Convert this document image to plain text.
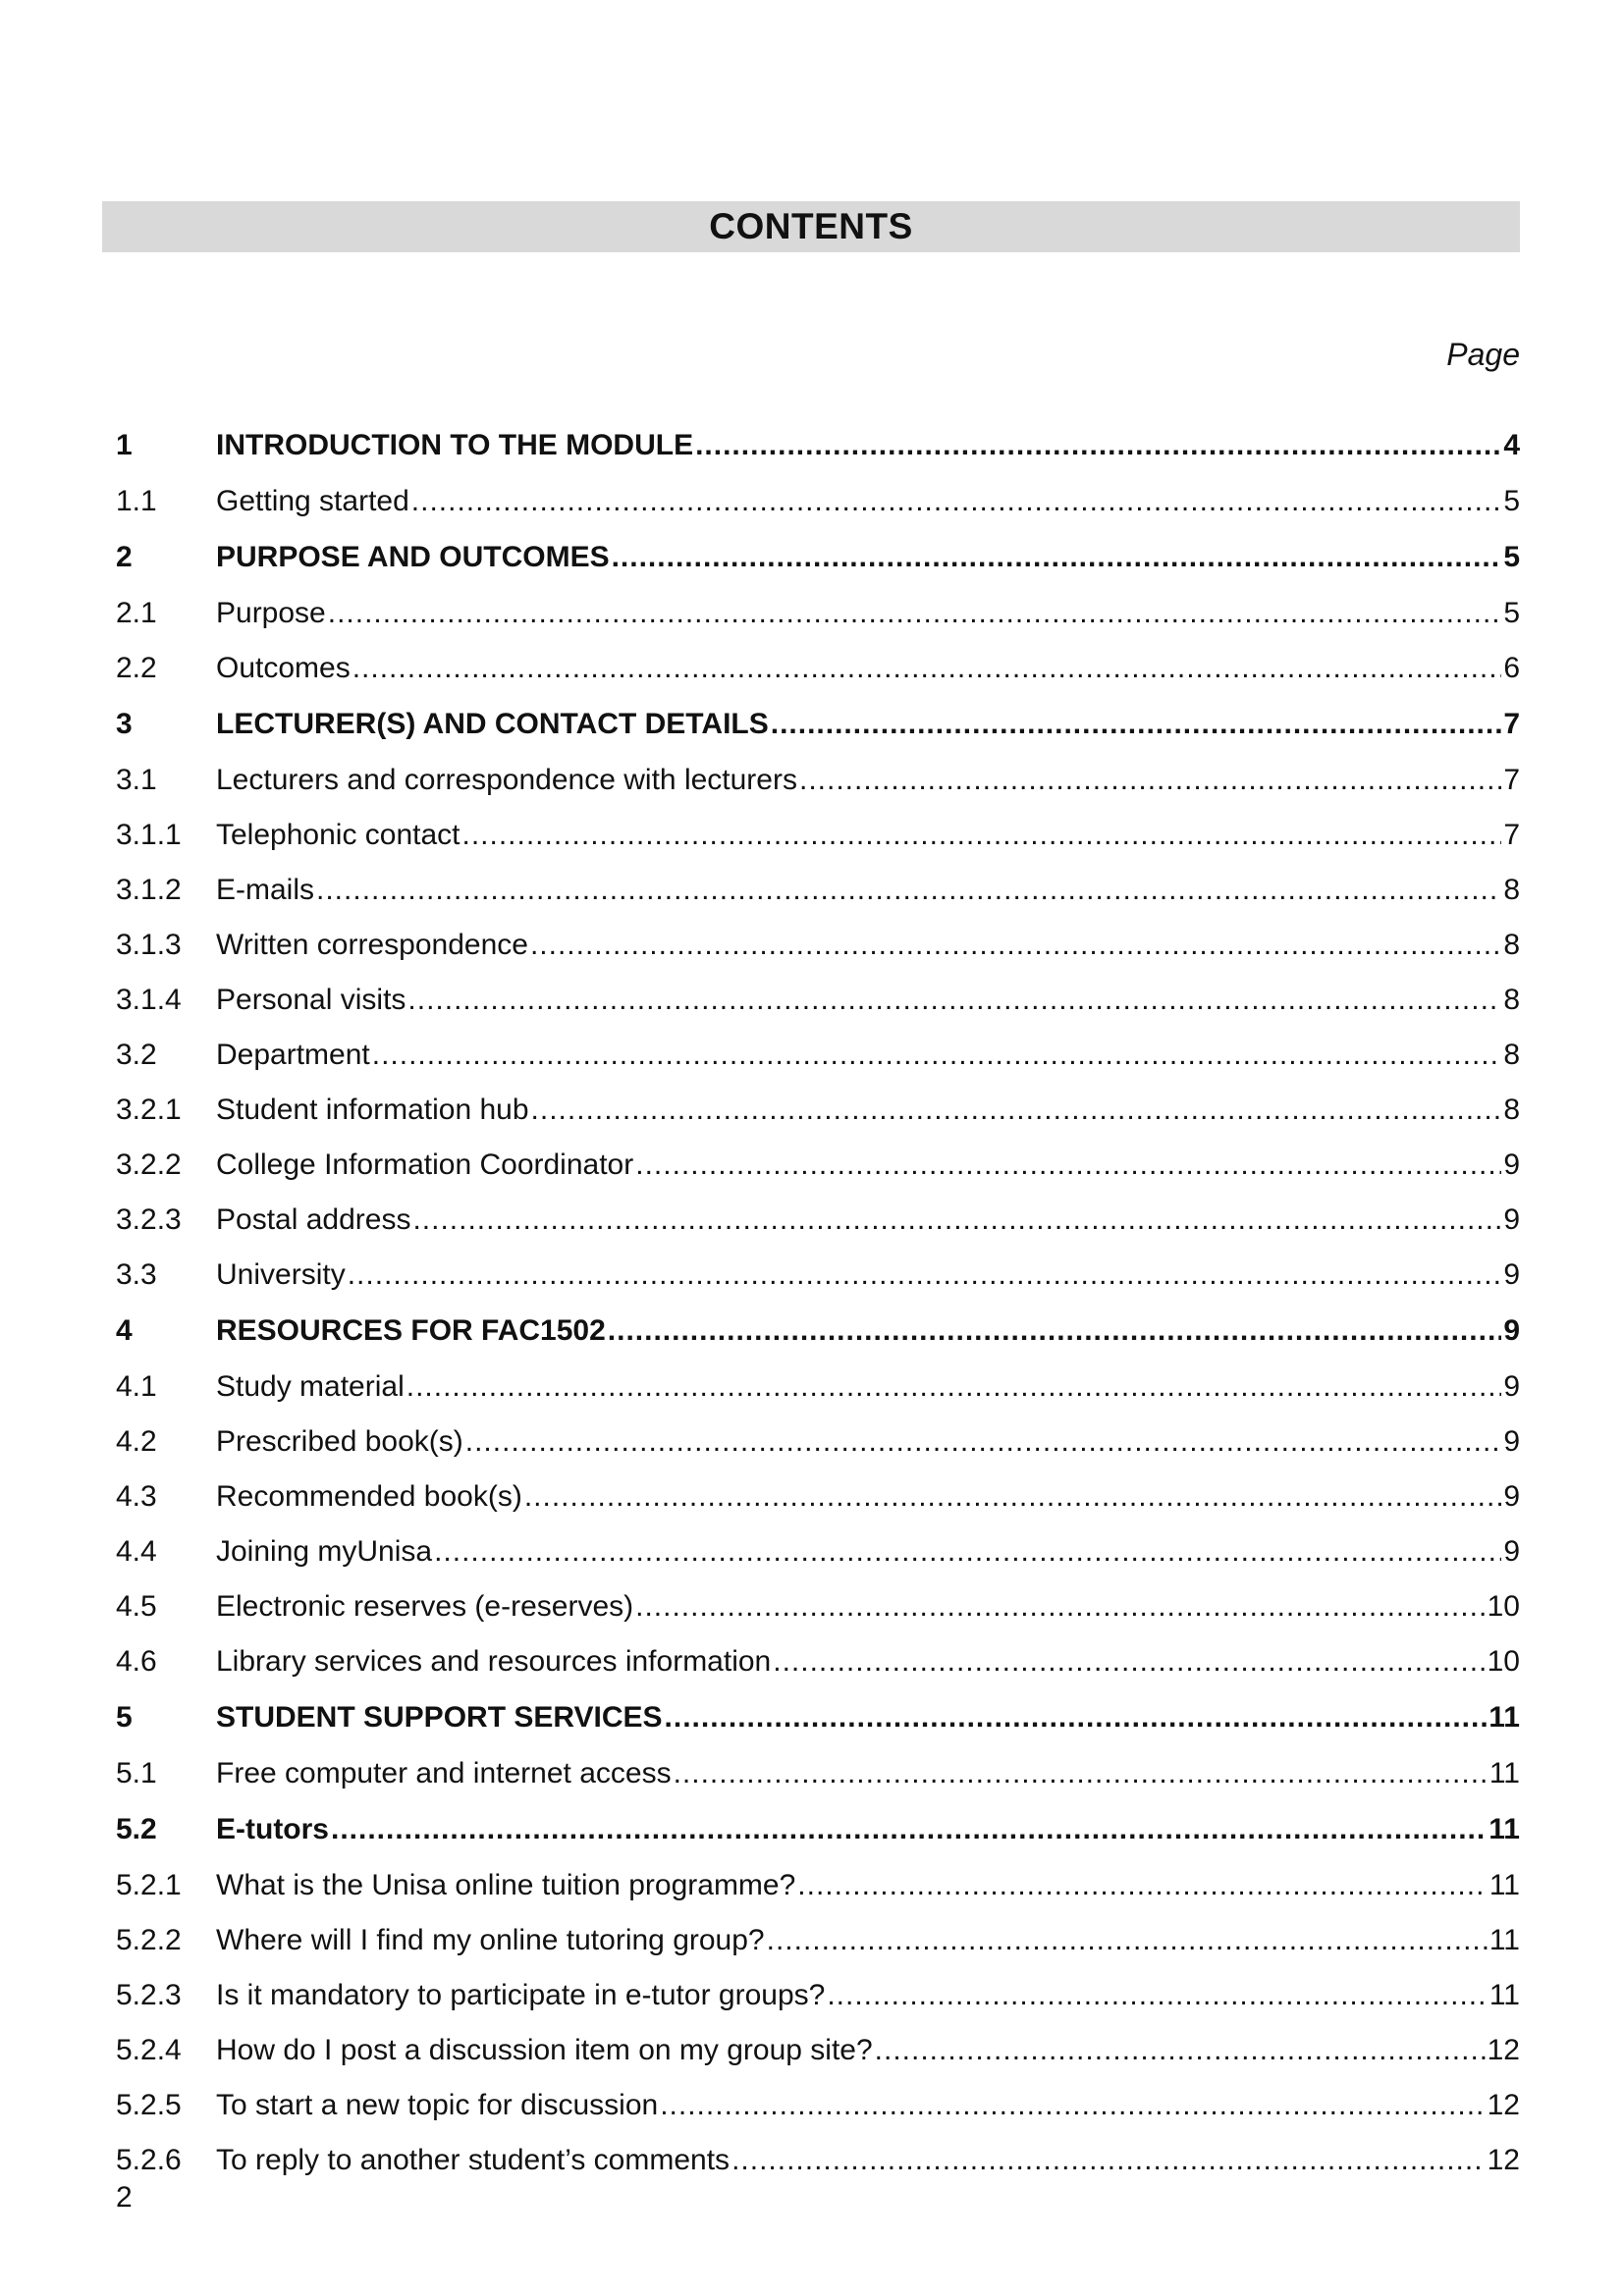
CONTENTS
Page
1	INTRODUCTION TO THE MODULE .....	4
1.1	Getting started .....	5
2	PURPOSE AND OUTCOMES .....	5
2.1	Purpose .....	5
2.2	Outcomes .....	6
3	LECTURER(S) AND CONTACT DETAILS .....	7
3.1	Lecturers and correspondence with lecturers .....	7
3.1.1	Telephonic contact .....	7
3.1.2	E-mails .....	8
3.1.3	Written correspondence .....	8
3.1.4	Personal visits .....	8
3.2	Department .....	8
3.2.1	Student information hub .....	8
3.2.2	College Information Coordinator .....	9
3.2.3	Postal address .....	9
3.3	University .....	9
4	RESOURCES FOR FAC1502 .....	9
4.1	Study material .....	9
4.2	Prescribed book(s) .....	9
4.3	Recommended book(s) .....	9
4.4	Joining myUnisa .....	9
4.5	Electronic reserves (e-reserves) .....	10
4.6	Library services and resources information .....	10
5	STUDENT SUPPORT SERVICES .....	11
5.1	Free computer and internet access .....	11
5.2	E-tutors .....	11
5.2.1	What is the Unisa online tuition programme? .....	11
5.2.2	Where will I find my online tutoring group? .....	11
5.2.3	Is it mandatory to participate in e-tutor groups? .....	11
5.2.4	How do I post a discussion item on my group site? .....	12
5.2.5	To start a new topic for discussion .....	12
5.2.6	To reply to another student’s comments .....	12
2
